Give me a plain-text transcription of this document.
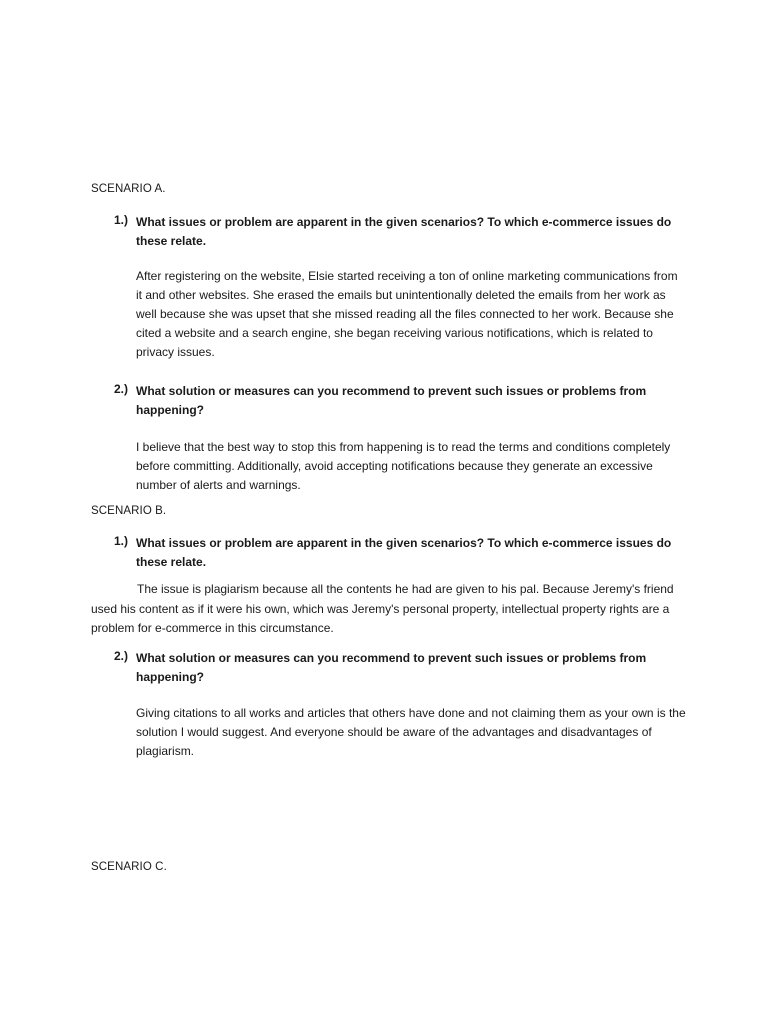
SCENARIO A.

1.) What issues or problem are apparent in the given scenarios? To which e-commerce issues do these relate.

After registering on the website, Elsie started receiving a ton of online marketing communications from it and other websites. She erased the emails but unintentionally deleted the emails from her work as well because she was upset that she missed reading all the files connected to her work. Because she cited a website and a search engine, she began receiving various notifications, which is related to privacy issues.

2.) What solution or measures can you recommend to prevent such issues or problems from happening?

I believe that the best way to stop this from happening is to read the terms and conditions completely before committing. Additionally, avoid accepting notifications because they generate an excessive number of alerts and warnings.

SCENARIO B.

1.) What issues or problem are apparent in the given scenarios? To which e-commerce issues do these relate.

The issue is plagiarism because all the contents he had are given to his pal. Because Jeremy's friend used his content as if it were his own, which was Jeremy's personal property, intellectual property rights are a problem for e-commerce in this circumstance.

2.) What solution or measures can you recommend to prevent such issues or problems from happening?

Giving citations to all works and articles that others have done and not claiming them as your own is the solution I would suggest. And everyone should be aware of the advantages and disadvantages of plagiarism.

SCENARIO C.
